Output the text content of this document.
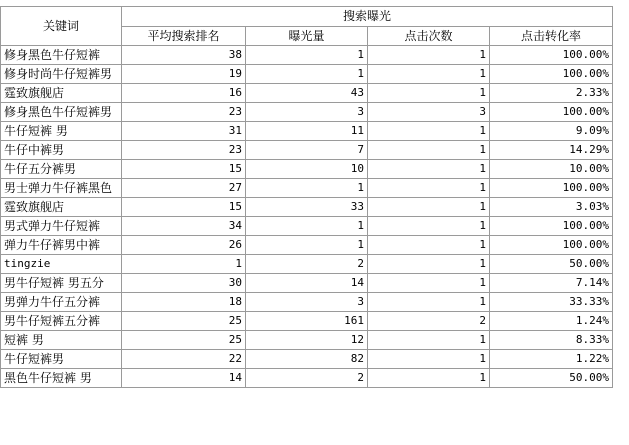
关键词	搜索曝光			
	平均搜索排名	曝光量	点击次数	点击转化率
修身黑色牛仔短裤	38	1	1	100.00%
修身时尚牛仔短裤男	19	1	1	100.00%
霆致旗舰店	16	43	1	2.33%
修身黑色牛仔短裤男	23	3	3	100.00%
牛仔短裤 男	31	11	1	9.09%
牛仔中裤男	23	7	1	14.29%
牛仔五分裤男	15	10	1	10.00%
男士弹力牛仔裤黑色	27	1	1	100.00%
霆致旗舰店	15	33	1	3.03%
男式弹力牛仔短裤	34	1	1	100.00%
弹力牛仔裤男中裤	26	1	1	100.00%
tingzie	1	2	1	50.00%
男牛仔短裤 男五分	30	14	1	7.14%
男弹力牛仔五分裤	18	3	1	33.33%
男牛仔短裤五分裤	25	161	2	1.24%
短裤 男	25	12	1	8.33%
牛仔短裤男	22	82	1	1.22%
黑色牛仔短裤 男	14	2	1	50.00%
